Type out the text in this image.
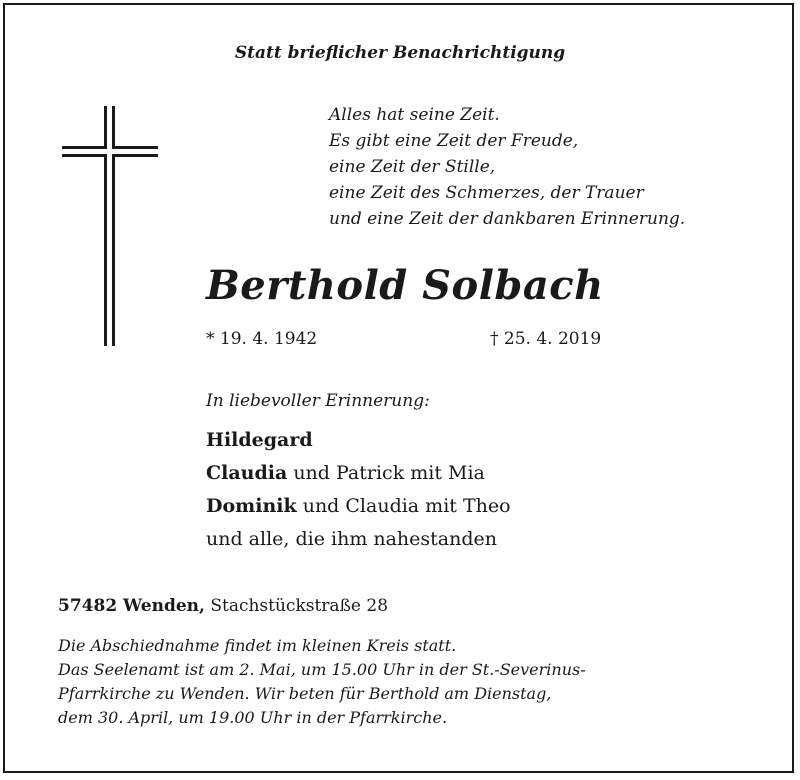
Statt brieflicher Benachrichtigung
Alles hat seine Zeit.
Es gibt eine Zeit der Freude,
eine Zeit der Stille,
eine Zeit des Schmerzes, der Trauer
und eine Zeit der dankbaren Erinnerung.
Berthold Solbach
* 19. 4. 1942	† 25. 4. 2019
In liebevoller Erinnerung:
Hildegard
Claudia und Patrick mit Mia
Dominik und Claudia mit Theo
und alle, die ihm nahestanden
57482 Wenden, Stachstückstraße 28
Die Abschiednahme findet im kleinen Kreis statt.
Das Seelenamt ist am 2. Mai, um 15.00 Uhr in der St.-Severinus-
Pfarrkirche zu Wenden. Wir beten für Berthold am Dienstag,
dem 30. April, um 19.00 Uhr in der Pfarrkirche.
